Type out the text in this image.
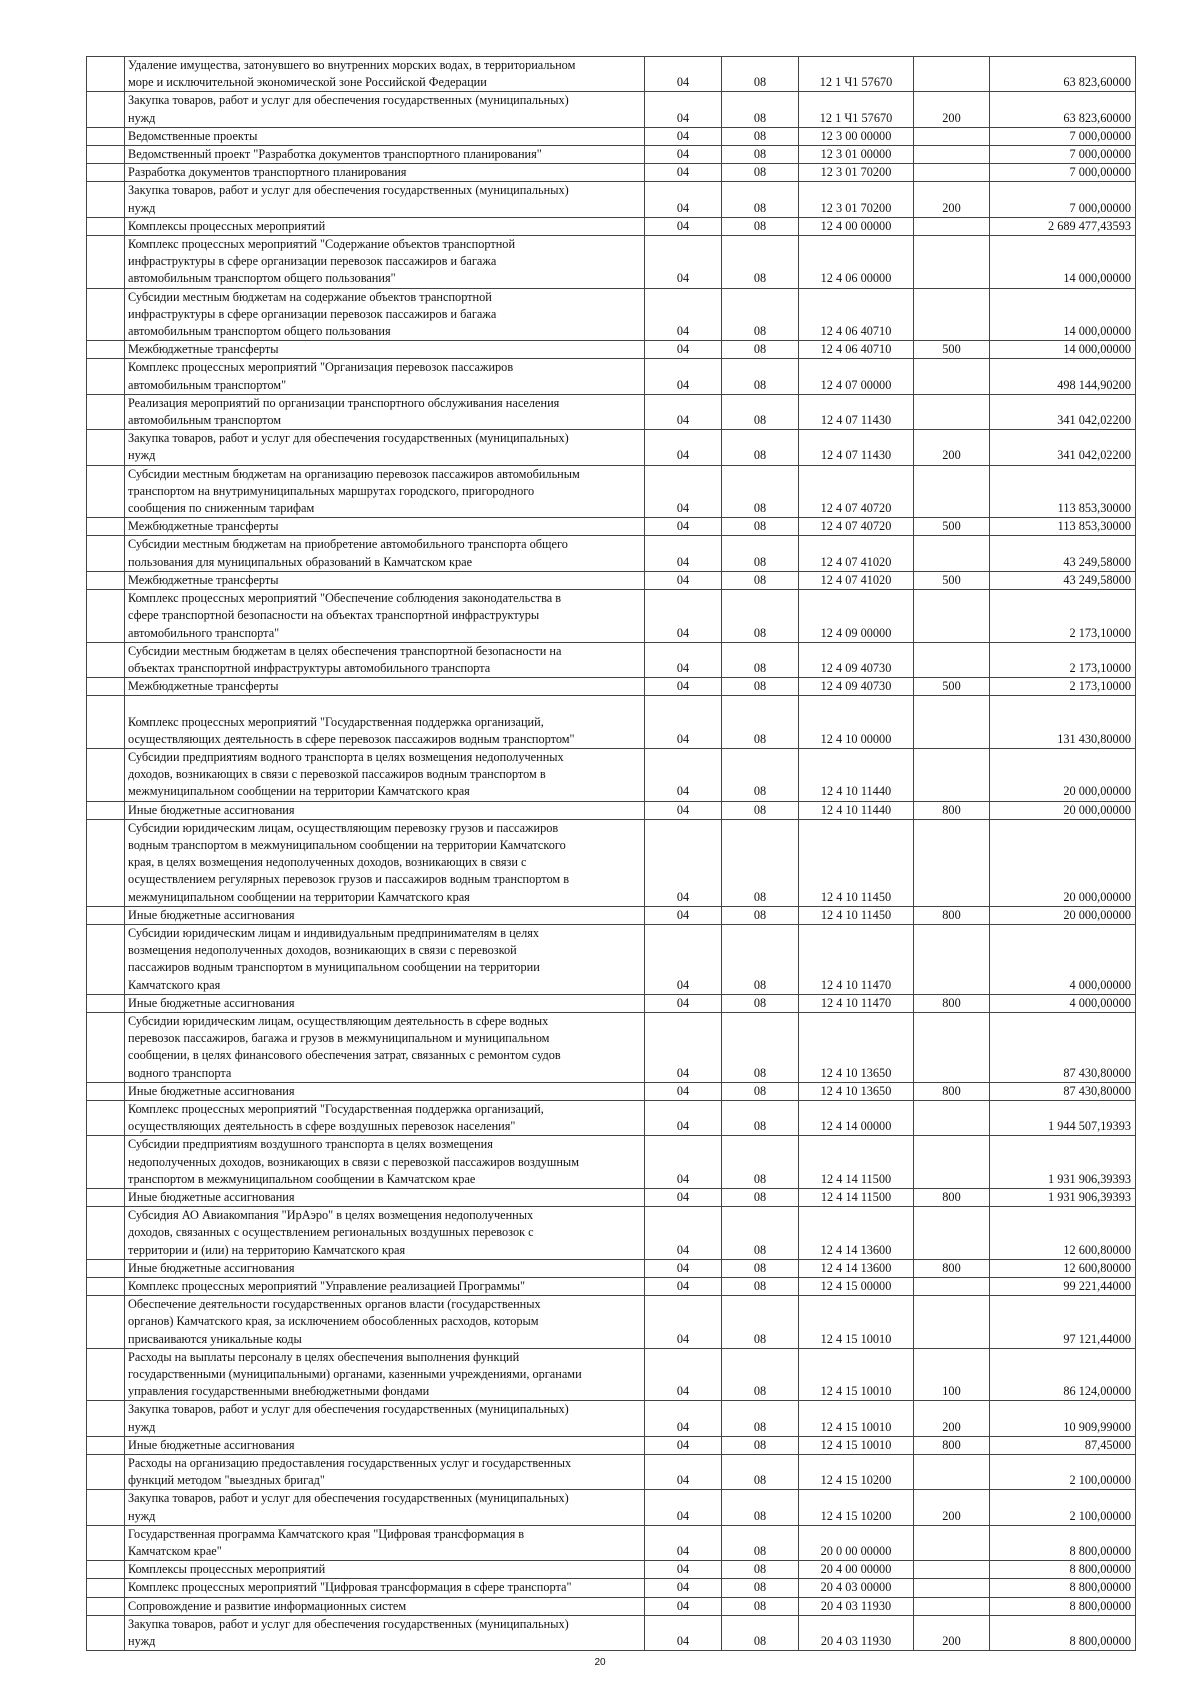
	Удаление имущества, затонувшего во внутренних морских водах, в территориальном
море и исключительной экономической зоне Российской Федерации	04	08	12 1 Ч1 57670		63 823,60000
	Закупка товаров, работ и услуг для обеспечения государственных (муниципальных)
нужд	04	08	12 1 Ч1 57670	200	63 823,60000
	Ведомственные проекты	04	08	12 3 00 00000		7 000,00000
	Ведомственный проект "Разработка документов транспортного планирования"	04	08	12 3 01 00000		7 000,00000
	Разработка документов транспортного планирования	04	08	12 3 01 70200		7 000,00000
	Закупка товаров, работ и услуг для обеспечения государственных (муниципальных)
нужд	04	08	12 3 01 70200	200	7 000,00000
	Комплексы процессных мероприятий	04	08	12 4 00 00000		2 689 477,43593
	Комплекс процессных мероприятий "Содержание объектов транспортной
инфраструктуры в сфере организации перевозок пассажиров и багажа
автомобильным транспортом общего пользования"	04	08	12 4 06 00000		14 000,00000
	Субсидии местным бюджетам на содержание объектов транспортной
инфраструктуры в сфере организации перевозок пассажиров и багажа
автомобильным транспортом общего пользования	04	08	12 4 06 40710		14 000,00000
	Межбюджетные трансферты	04	08	12 4 06 40710	500	14 000,00000
	Комплекс процессных мероприятий "Организация перевозок пассажиров
автомобильным транспортом"	04	08	12 4 07 00000		498 144,90200
	Реализация мероприятий по организации транспортного обслуживания населения
автомобильным транспортом	04	08	12 4 07 11430		341 042,02200
	Закупка товаров, работ и услуг для обеспечения государственных (муниципальных)
нужд	04	08	12 4 07 11430	200	341 042,02200
	Субсидии местным бюджетам на организацию перевозок пассажиров автомобильным
транспортом на внутримуниципальных маршрутах городского, пригородного
сообщения по сниженным тарифам	04	08	12 4 07 40720		113 853,30000
	Межбюджетные трансферты	04	08	12 4 07 40720	500	113 853,30000
	Субсидии местным бюджетам на приобретение автомобильного транспорта общего
пользования для муниципальных образований в Камчатском крае	04	08	12 4 07 41020		43 249,58000
	Межбюджетные трансферты	04	08	12 4 07 41020	500	43 249,58000
	Комплекс процессных мероприятий "Обеспечение соблюдения законодательства в
сфере транспортной безопасности на объектах транспортной инфраструктуры
автомобильного транспорта"	04	08	12 4 09 00000		2 173,10000
	Субсидии местным бюджетам в целях обеспечения транспортной безопасности на
объектах транспортной инфраструктуры автомобильного транспорта	04	08	12 4 09 40730		2 173,10000
	Межбюджетные трансферты	04	08	12 4 09 40730	500	2 173,10000

Комплекс процессных мероприятий "Государственная поддержка организаций,
осуществляющих деятельность в сфере перевозок пассажиров водным транспортом"	04	08	12 4 10 00000		131 430,80000
	Субсидии предприятиям водного транспорта в целях возмещения недополученных
доходов, возникающих в связи с перевозкой пассажиров водным транспортом в
межмуниципальном сообщении на территории Камчатского края	04	08	12 4 10 11440		20 000,00000
	Иные бюджетные ассигнования	04	08	12 4 10 11440	800	20 000,00000
	Субсидии юридическим лицам, осуществляющим перевозку грузов и пассажиров
водным транспортом в межмуниципальном сообщении на территории Камчатского
края, в целях возмещения недополученных доходов, возникающих в связи с
осуществлением регулярных перевозок грузов и пассажиров водным транспортом в
межмуниципальном сообщении на территории Камчатского края	04	08	12 4 10 11450		20 000,00000
	Иные бюджетные ассигнования	04	08	12 4 10 11450	800	20 000,00000
	Субсидии юридическим лицам и индивидуальным предпринимателям в целях
возмещения недополученных доходов, возникающих в связи с перевозкой
пассажиров водным транспортом в муниципальном сообщении на территории
Камчатского края	04	08	12 4 10 11470		4 000,00000
	Иные бюджетные ассигнования	04	08	12 4 10 11470	800	4 000,00000
	Субсидии юридическим лицам, осуществляющим деятельность в сфере водных
перевозок пассажиров, багажа и грузов в межмуниципальном и муниципальном
сообщении, в целях финансового обеспечения затрат, связанных с ремонтом судов
водного транспорта	04	08	12 4 10 13650		87 430,80000
	Иные бюджетные ассигнования	04	08	12 4 10 13650	800	87 430,80000
	Комплекс процессных мероприятий "Государственная поддержка организаций,
осуществляющих деятельность в сфере воздушных перевозок населения"	04	08	12 4 14 00000		1 944 507,19393
	Субсидии предприятиям воздушного транспорта в целях возмещения
недополученных доходов, возникающих в связи с перевозкой пассажиров воздушным
транспортом в межмуниципальном сообщении в Камчатском крае	04	08	12 4 14 11500		1 931 906,39393
	Иные бюджетные ассигнования	04	08	12 4 14 11500	800	1 931 906,39393
	Субсидия АО Авиакомпания "ИрАэро" в целях возмещения недополученных
доходов, связанных с осуществлением региональных воздушных перевозок с
территории и (или) на территорию Камчатского края	04	08	12 4 14 13600		12 600,80000
	Иные бюджетные ассигнования	04	08	12 4 14 13600	800	12 600,80000
	Комплекс процессных мероприятий "Управление реализацией Программы"	04	08	12 4 15 00000		99 221,44000
	Обеспечение деятельности государственных органов власти (государственных
органов) Камчатского края, за исключением обособленных расходов, которым
присваиваются уникальные коды	04	08	12 4 15 10010		97 121,44000
	Расходы на выплаты персоналу в целях обеспечения выполнения функций
государственными (муниципальными) органами, казенными учреждениями, органами
управления государственными внебюджетными фондами	04	08	12 4 15 10010	100	86 124,00000
	Закупка товаров, работ и услуг для обеспечения государственных (муниципальных)
нужд	04	08	12 4 15 10010	200	10 909,99000
	Иные бюджетные ассигнования	04	08	12 4 15 10010	800	87,45000
	Расходы на организацию предоставления государственных услуг и государственных
функций методом "выездных бригад"	04	08	12 4 15 10200		2 100,00000
	Закупка товаров, работ и услуг для обеспечения государственных (муниципальных)
нужд	04	08	12 4 15 10200	200	2 100,00000
	Государственная программа Камчатского края "Цифровая трансформация в
Камчатском крае"	04	08	20 0 00 00000		8 800,00000
	Комплексы процессных мероприятий	04	08	20 4 00 00000		8 800,00000
	Комплекс процессных мероприятий "Цифровая трансформация в сфере транспорта"	04	08	20 4 03 00000		8 800,00000
	Сопровождение и развитие информационных систем	04	08	20 4 03 11930		8 800,00000
	Закупка товаров, работ и услуг для обеспечения государственных (муниципальных)
нужд	04	08	20 4 03 11930	200	8 800,00000
20
